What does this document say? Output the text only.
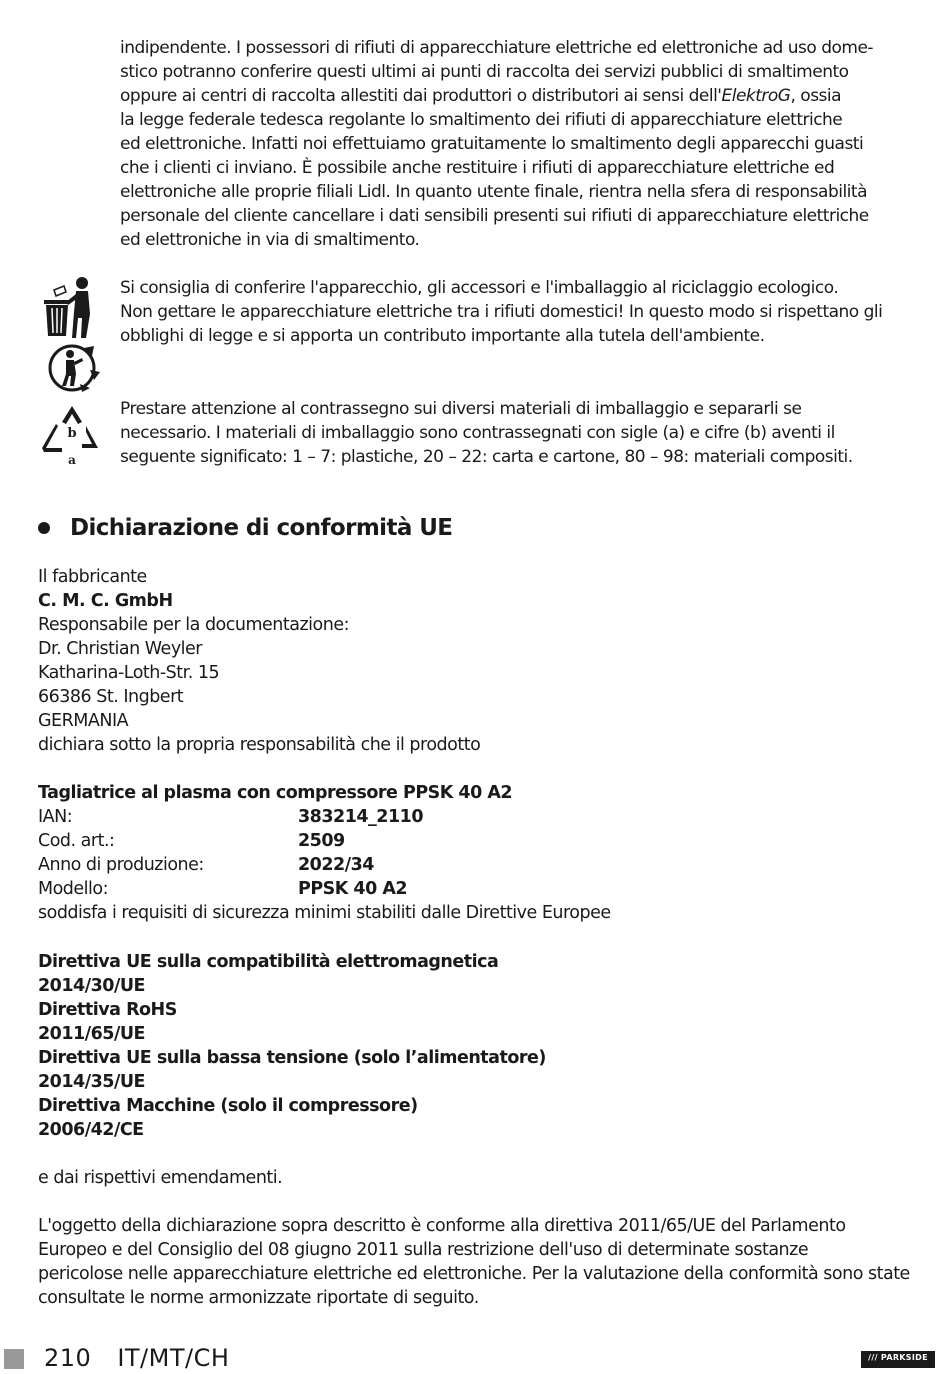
indipendente. I possessori di rifiuti di apparecchiature elettriche ed elettroniche ad uso dome-
stico potranno conferire questi ultimi ai punti di raccolta dei servizi pubblici di smaltimento
oppure ai centri di raccolta allestiti dai produttori o distributori ai sensi dell'ElektroG, ossia
la legge federale tedesca regolante lo smaltimento dei rifiuti di apparecchiature elettriche
ed elettroniche. Infatti noi effettuiamo gratuitamente lo smaltimento degli apparecchi guasti
che i clienti ci inviano. È possibile anche restituire i rifiuti di apparecchiature elettriche ed
elettroniche alle proprie filiali Lidl. In quanto utente finale, rientra nella sfera di responsabilità
personale del cliente cancellare i dati sensibili presenti sui rifiuti di apparecchiature elettriche
ed elettroniche in via di smaltimento.
Si consiglia di conferire l'apparecchio, gli accessori e l'imballaggio al riciclaggio ecologico.
Non gettare le apparecchiature elettriche tra i rifiuti domestici! In questo modo si rispettano gli
obblighi di legge e si apporta un contributo importante alla tutela dell'ambiente.
b
a
Prestare attenzione al contrassegno sui diversi materiali di imballaggio e separarli se
necessario. I materiali di imballaggio sono contrassegnati con sigle (a) e cifre (b) aventi il
seguente significato: 1 – 7: plastiche, 20 – 22: carta e cartone, 80 – 98: materiali compositi.
Dichiarazione di conformità UE
Il fabbricante
C. M. C. GmbH
Responsabile per la documentazione:
Dr. Christian Weyler
Katharina-Loth-Str. 15
66386 St. Ingbert
GERMANIA
dichiara sotto la propria responsabilità che il prodotto
Tagliatrice al plasma con compressore PPSK 40 A2
IAN:	383214_2110
Cod. art.:	2509
Anno di produzione:	2022/34
Modello:	PPSK 40 A2
soddisfa i requisiti di sicurezza minimi stabiliti dalle Direttive Europee
Direttiva UE sulla compatibilità elettromagnetica
2014/30/UE
Direttiva RoHS
2011/65/UE
Direttiva UE sulla bassa tensione (solo l’alimentatore)
2014/35/UE
Direttiva Macchine (solo il compressore)
2006/42/CE
e dai rispettivi emendamenti.
L'oggetto della dichiarazione sopra descritto è conforme alla direttiva 2011/65/UE del Parlamento
Europeo e del Consiglio del 08 giugno 2011 sulla restrizione dell'uso di determinate sostanze
pericolose nelle apparecchiature elettriche ed elettroniche. Per la valutazione della conformità sono state
consultate le norme armonizzate riportate di seguito.
210 IT/MT/CH	/// PARKSIDE
